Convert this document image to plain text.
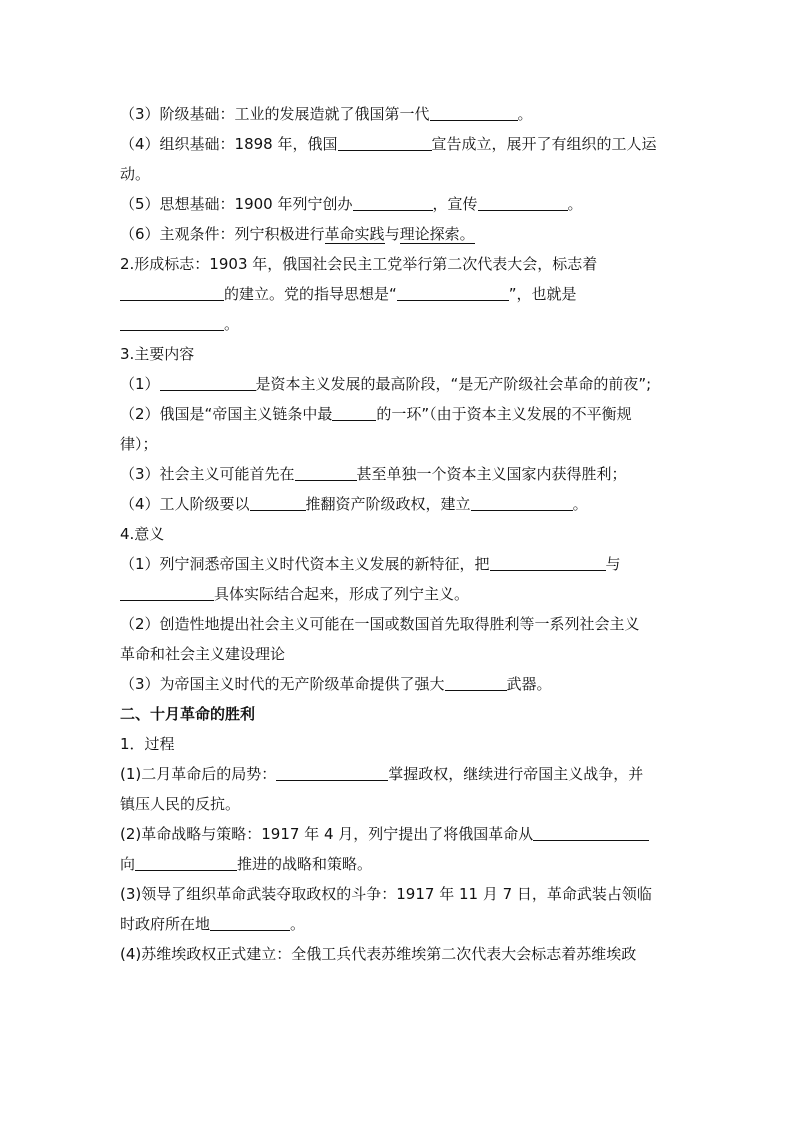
（3）阶级基础：工业的发展造就了俄国第一代	。
（4）组织基础：1898 年，俄国	宣告成立，展开了有组织的工人运
动。
（5）思想基础：1900 年列宁创办	，宣传	。
（6）主观条件：列宁积极进行革命实践与理论探索。
2.形成标志：1903 年，俄国社会民主工党举行第二次代表大会，标志着
的建立。党的指导思想是“	”，也就是
。
3.主要内容
（1）	是资本主义发展的最高阶段，“是无产阶级社会革命的前夜”;
（2）俄国是“帝国主义链条中最	的一环”（由于资本主义发展的不平衡规
律）；
（3）社会主义可能首先在	甚至单独一个资本主义国家内获得胜利；
（4）工人阶级要以	推翻资产阶级政权，建立	。
4.意义
（1）列宁洞悉帝国主义时代资本主义发展的新特征，把	与
具体实际结合起来，形成了列宁主义。
（2）创造性地提出社会主义可能在一国或数国首先取得胜利等一系列社会主义
革命和社会主义建设理论
（3）为帝国主义时代的无产阶级革命提供了强大	武器。
二、十月革命的胜利
1．过程
(1)二月革命后的局势：	掌握政权，继续进行帝国主义战争，并
镇压人民的反抗。
(2)革命战略与策略：1917 年 4 月，列宁提出了将俄国革命从
向	推进的战略和策略。
(3)领导了组织革命武装夺取政权的斗争：1917 年 11 月 7 日，革命武装占领临
时政府所在地	。
(4)苏维埃政权正式建立：全俄工兵代表苏维埃第二次代表大会标志着苏维埃政
